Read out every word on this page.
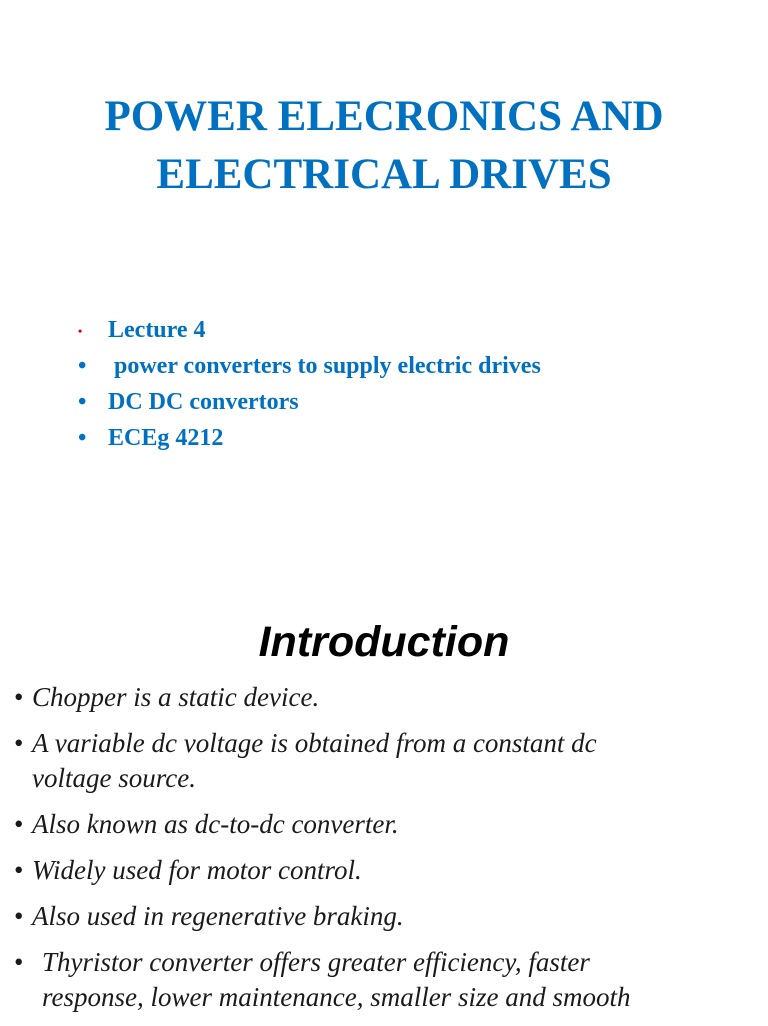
POWER ELECRONICS AND
ELECTRICAL DRIVES
• Lecture 4
• power converters to supply electric drives
• DC DC convertors
• ECEg 4212
Introduction
• Chopper is a static device.
• A variable dc voltage is obtained from a constant dc
voltage source.
• Also known as dc-to-dc converter.
• Widely used for motor control.
• Also used in regenerative braking.
• Thyristor converter offers greater efficiency, faster
response, lower maintenance, smaller size and smooth
